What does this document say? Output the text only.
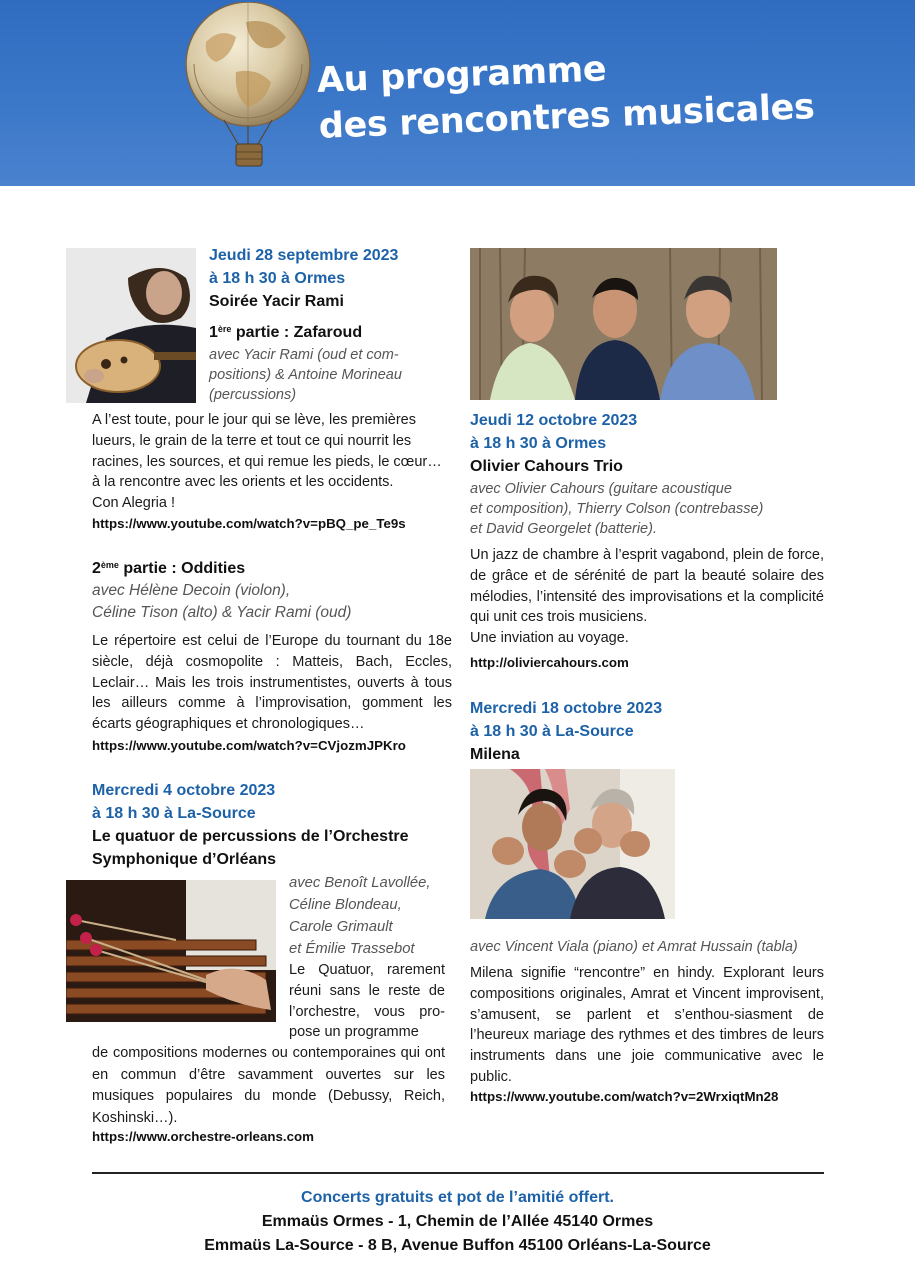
Au programme
des rencontres musicales
Jeudi 28 septembre 2023
à 18 h 30 à Ormes
Soirée Yacir Rami
1ère partie : Zafaroud
avec Yacir Rami (oud et com-
positions) & Antoine Morineau
(percussions)
A l’est toute, pour le jour qui se lève, les premières
lueurs, le grain de la terre et tout ce qui nourrit les
racines, les sources, et qui remue les pieds, le cœur…
à la rencontre avec les orients et les occidents.
Con Alegria !
https://www.youtube.com/watch?v=pBQ_pe_Te9s
2ème partie : Oddities
avec Hélène Decoin (violon),
Céline Tison (alto) & Yacir Rami (oud)
Le répertoire est celui de l’Europe du tournant du 18e siècle, déjà cosmopolite : Matteis, Bach, Eccles, Leclair… Mais les trois instrumentistes, ouverts à tous les ailleurs comme à l’improvisation, gomment les écarts géographiques et chronologiques…
https://www.youtube.com/watch?v=CVjozmJPKro
Mercredi 4 octobre 2023
à 18 h 30 à La-Source
Le quatuor de percussions de l’Orchestre
Symphonique d’Orléans
avec Benoît Lavollée,
Céline Blondeau,
Carole Grimault
et Émilie Trassebot
Le Quatuor, rarement réuni sans le reste de l’orchestre, vous pro-pose un programme
de compositions modernes ou contemporaines qui ont en commun d’être savamment ouvertes sur les musiques populaires du monde (Debussy, Reich, Koshinski…).
https://www.orchestre-orleans.com
Jeudi 12 octobre 2023
à 18 h 30 à Ormes
Olivier Cahours Trio
avec Olivier Cahours (guitare acoustique
et composition), Thierry Colson (contrebasse)
et David Georgelet (batterie).
Un jazz de chambre à l’esprit vagabond, plein de force, de grâce et de sérénité de part la beauté solaire des mélodies, l’intensité des improvisations et la complicité qui unit ces trois musiciens.
Une inviation au voyage.
http://oliviercahours.com
Mercredi 18 octobre 2023
à 18 h 30 à La-Source
Milena
avec Vincent Viala (piano) et Amrat Hussain (tabla)
Milena signifie “rencontre” en hindy. Explorant leurs compositions originales, Amrat et Vincent improvisent, s’amusent, se parlent et s’enthou-siasment de l’heureux mariage des rythmes et des timbres de leurs instruments dans une joie communicative avec le public.
https://www.youtube.com/watch?v=2WrxiqtMn28
Concerts gratuits et pot de l’amitié offert.
Emmaüs Ormes - 1, Chemin de l’Allée 45140 Ormes
Emmaüs La-Source - 8 B, Avenue Buffon 45100 Orléans-La-Source
